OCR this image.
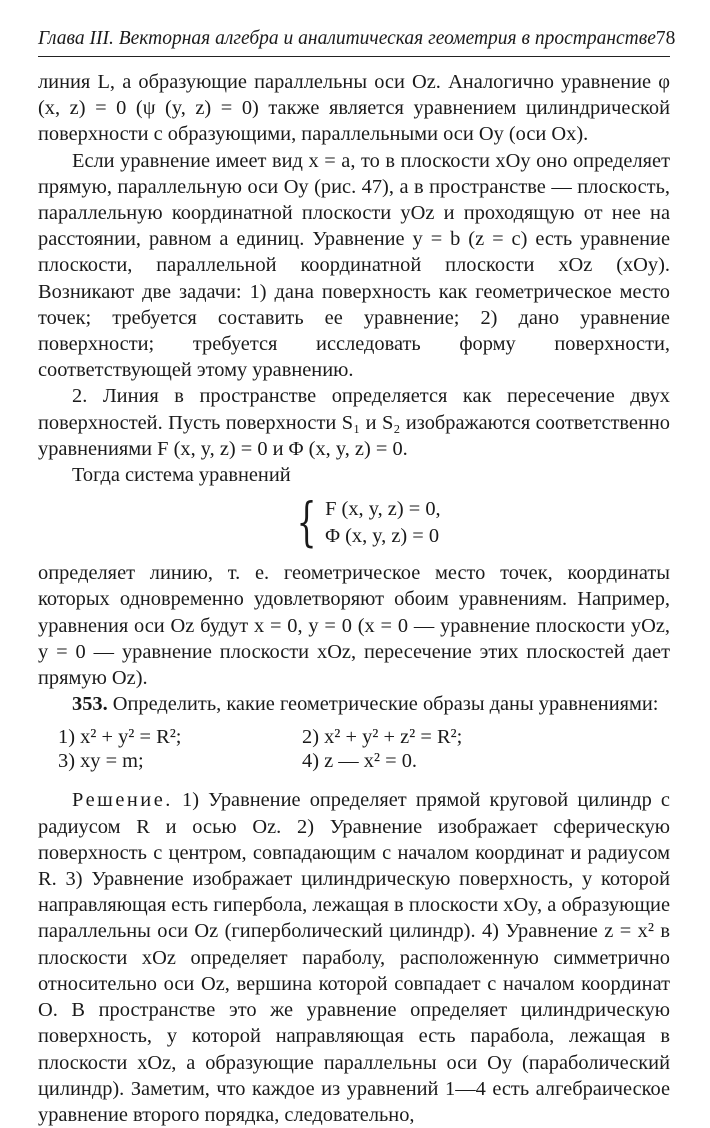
Глава III. Векторная алгебра и аналитическая геометрия в пространстве 78

линия L, а образующие параллельны оси Oz. Аналогично уравнение φ (x, z) = 0 (ψ (y, z) = 0) также является уравнением цилиндрической поверхности с образующими, параллельными оси Oy (оси Ox).

Если уравнение имеет вид x = a, то в плоскости xOy оно определяет прямую, параллельную оси Oy (рис. 47), а в пространстве — плоскость, параллельную координатной плоскости yOz и проходящую от нее на расстоянии, равном a единиц. Уравнение y = b (z = c) есть уравнение плоскости, параллельной координатной плоскости xOz (xOy). Возникают две задачи: 1) дана поверхность как геометрическое место точек; требуется составить ее уравнение; 2) дано уравнение поверхности; требуется исследовать форму поверхности, соответствующей этому уравнению.

2. Линия в пространстве определяется как пересечение двух поверхностей. Пусть поверхности S₁ и S₂ изображаются соответственно уравнениями F (x, y, z) = 0 и Φ (x, y, z) = 0.

Тогда система уравнений

{ F (x, y, z) = 0,
Φ (x, y, z) = 0

определяет линию, т. е. геометрическое место точек, координаты которых одновременно удовлетворяют обоим уравнениям. Например, уравнения оси Oz будут x = 0, y = 0 (x = 0 — уравнение плоскости yOz, y = 0 — уравнение плоскости xOz, пересечение этих плоскостей дает прямую Oz).

353. Определить, какие геометрические образы даны уравнениями:

1) x² + y² = R²;	2) x² + y² + z² = R²;
3) xy = m;	4) z — x² = 0.

Решение. 1) Уравнение определяет прямой круговой цилиндр с радиусом R и осью Oz. 2) Уравнение изображает сферическую поверхность с центром, совпадающим с началом координат и радиусом R. 3) Уравнение изображает цилиндрическую поверхность, у которой направляющая есть гипербола, лежащая в плоскости xOy, а образующие параллельны оси Oz (гиперболический цилиндр). 4) Уравнение z = x² в плоскости xOz определяет параболу, расположенную симметрично относительно оси Oz, вершина которой совпадает с началом координат O. В пространстве это же уравнение определяет цилиндрическую поверхность, у которой направляющая есть парабола, лежащая в плоскости xOz, а образующие параллельны оси Oy (параболический цилиндр). Заметим, что каждое из уравнений 1—4 есть алгебраическое уравнение второго порядка, следовательно,
